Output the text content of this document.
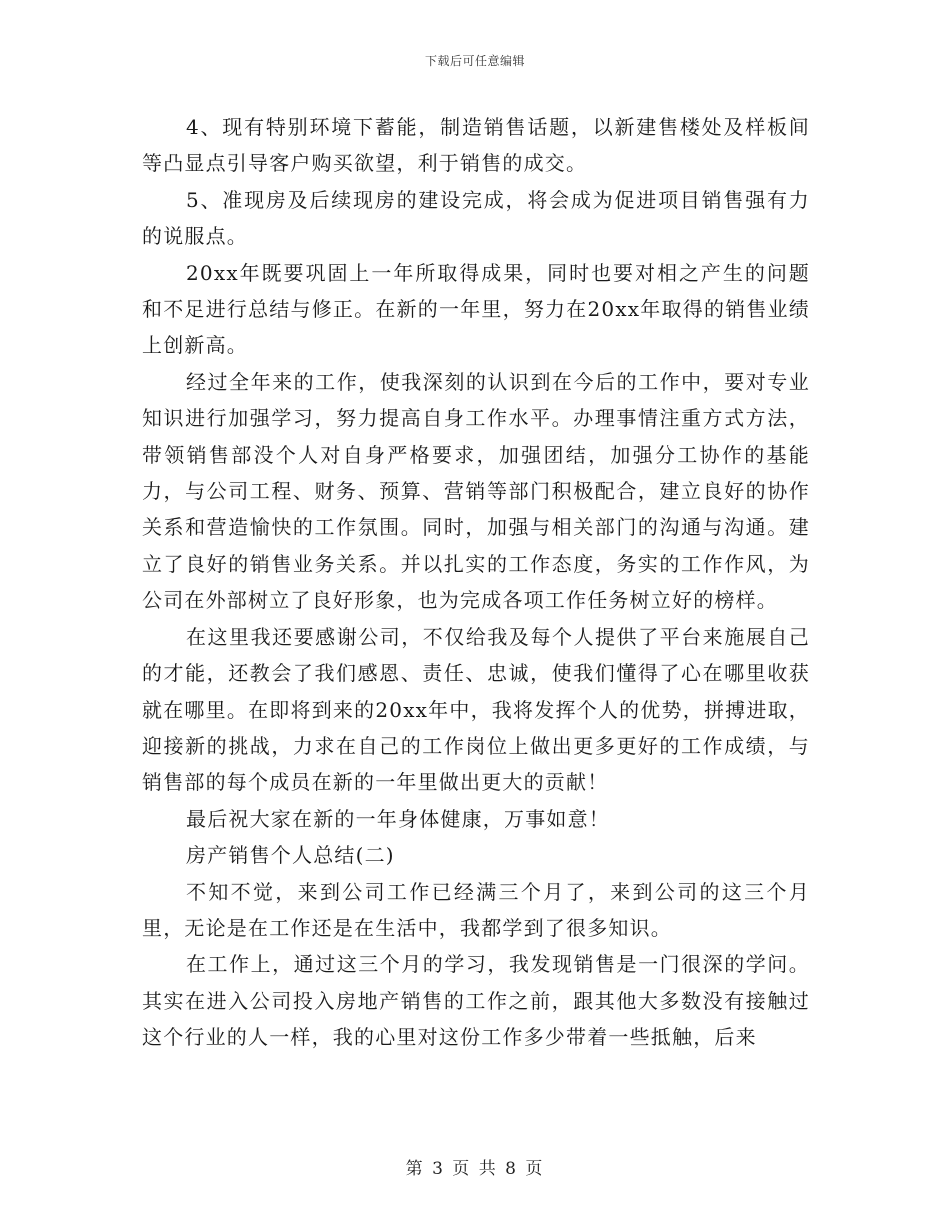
下载后可任意编辑

4、现有特别环境下蓄能，制造销售话题，以新建售楼处及样板间等凸显点引导客户购买欲望，利于销售的成交。

5、准现房及后续现房的建设完成，将会成为促进项目销售强有力的说服点。

20xx年既要巩固上一年所取得成果，同时也要对相之产生的问题和不足进行总结与修正。在新的一年里，努力在20xx年取得的销售业绩上创新高。

经过全年来的工作，使我深刻的认识到在今后的工作中，要对专业知识进行加强学习，努力提高自身工作水平。办理事情注重方式方法，带领销售部没个人对自身严格要求，加强团结，加强分工协作的基能力，与公司工程、财务、预算、营销等部门积极配合，建立良好的协作关系和营造愉快的工作氛围。同时，加强与相关部门的沟通与沟通。建立了良好的销售业务关系。并以扎实的工作态度，务实的工作作风，为公司在外部树立了良好形象，也为完成各项工作任务树立好的榜样。

在这里我还要感谢公司，不仅给我及每个人提供了平台来施展自己的才能，还教会了我们感恩、责任、忠诚，使我们懂得了心在哪里收获就在哪里。在即将到来的20xx年中，我将发挥个人的优势，拼搏进取，迎接新的挑战，力求在自己的工作岗位上做出更多更好的工作成绩，与销售部的每个成员在新的一年里做出更大的贡献！

最后祝大家在新的一年身体健康，万事如意！

房产销售个人总结(二)

不知不觉，来到公司工作已经满三个月了，来到公司的这三个月里，无论是在工作还是在生活中，我都学到了很多知识。

在工作上，通过这三个月的学习，我发现销售是一门很深的学问。其实在进入公司投入房地产销售的工作之前，跟其他大多数没有接触过这个行业的人一样，我的心里对这份工作多少带着一些抵触，后来

第 3 页 共 8 页
